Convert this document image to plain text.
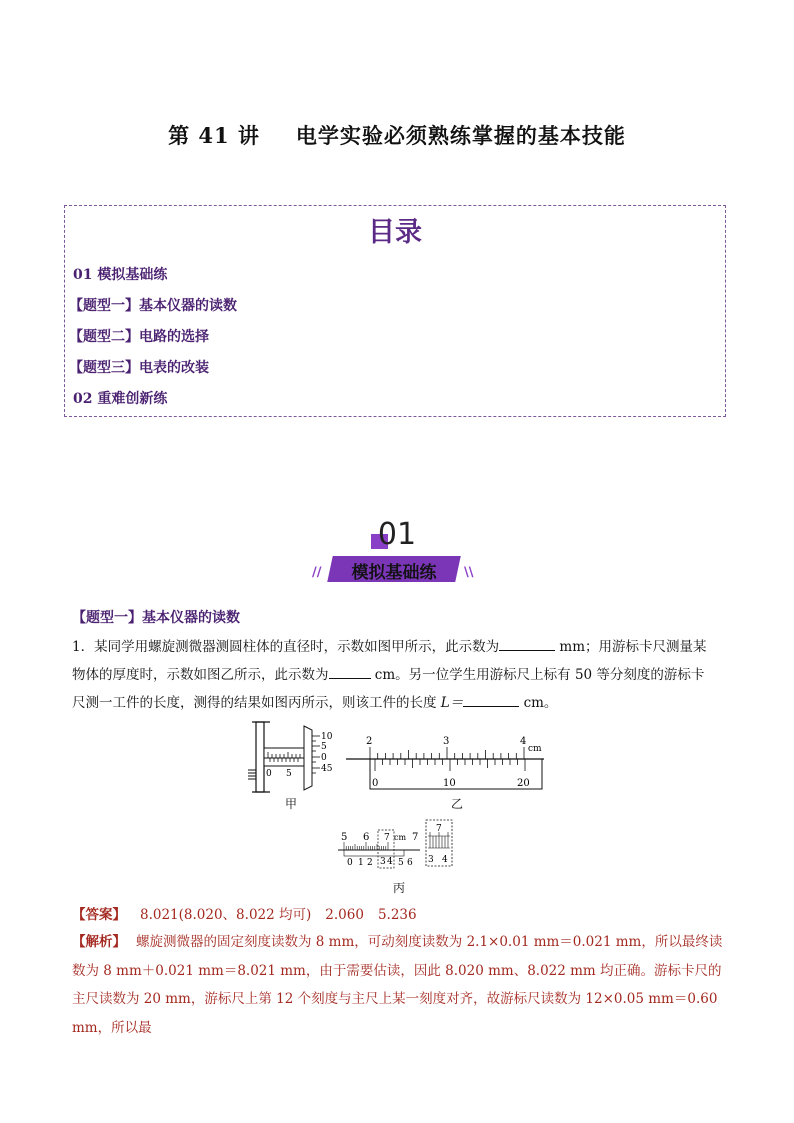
第 41 讲 电学实验必须熟练掌握的基本技能
目录
01 模拟基础练
【题型一】基本仪器的读数
【题型二】电路的选择
【题型三】电表的改装
02 重难创新练
01
模拟基础练
//	\\
【题型一】基本仪器的读数
1．某同学用螺旋测微器测圆柱体的直径时，示数如图甲所示，此示数为	mm；用游标卡尺测量某
物体的厚度时，示数如图乙所示，此示数为	cm。另一位学生用游标尺上标有 50 等分刻度的游标卡
尺测一工件的长度，测得的结果如图丙所示，则该工件的长度 L＝	cm。
0 5
10
5
0
45
甲
2	3	4
cm
0	10	20
乙
5 6	cm
7
3 4
0 1 2	5 6
7
7
3 4
丙
【答案】 8.021(8.020、8.022 均可) 2.060 5.236
【解析】 螺旋测微器的固定刻度读数为 8 mm，可动刻度读数为 2.1×0.01 mm＝0.021 mm，所以最终读数为 8 mm＋0.021 mm＝8.021 mm，由于需要估读，因此 8.020 mm、8.022 mm 均正确。游标卡尺的主尺读数为 20 mm，游标尺上第 12 个刻度与主尺上某一刻度对齐，故游标尺读数为 12×0.05 mm＝0.60 mm，所以最
